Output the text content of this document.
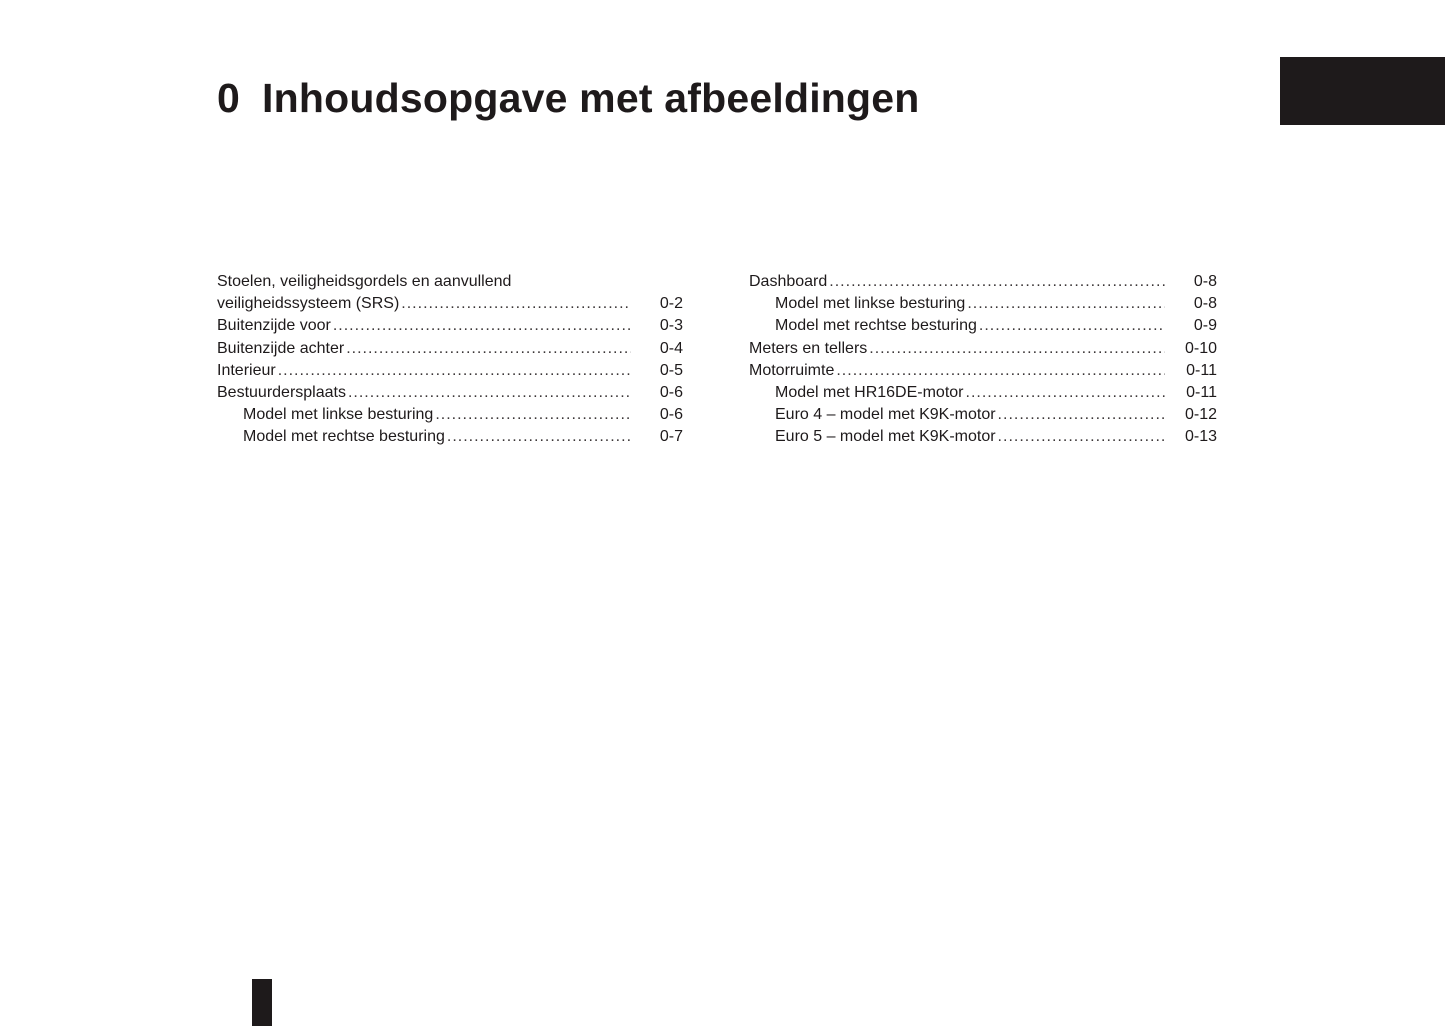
0 Inhoudsopgave met afbeeldingen
Stoelen, veiligheidsgordels en aanvullend
veiligheidssysteem (SRS) .....	0-2
Buitenzijde voor .....	0-3
Buitenzijde achter .....	0-4
Interieur .....	0-5
Bestuurdersplaats .....	0-6
Model met linkse besturing .....	0-6
Model met rechtse besturing .....	0-7
Dashboard .....	0-8
Model met linkse besturing .....	0-8
Model met rechtse besturing .....	0-9
Meters en tellers .....	0-10
Motorruimte .....	0-11
Model met HR16DE-motor .....	0-11
Euro 4 – model met K9K-motor .....	0-12
Euro 5 – model met K9K-motor .....	0-13
